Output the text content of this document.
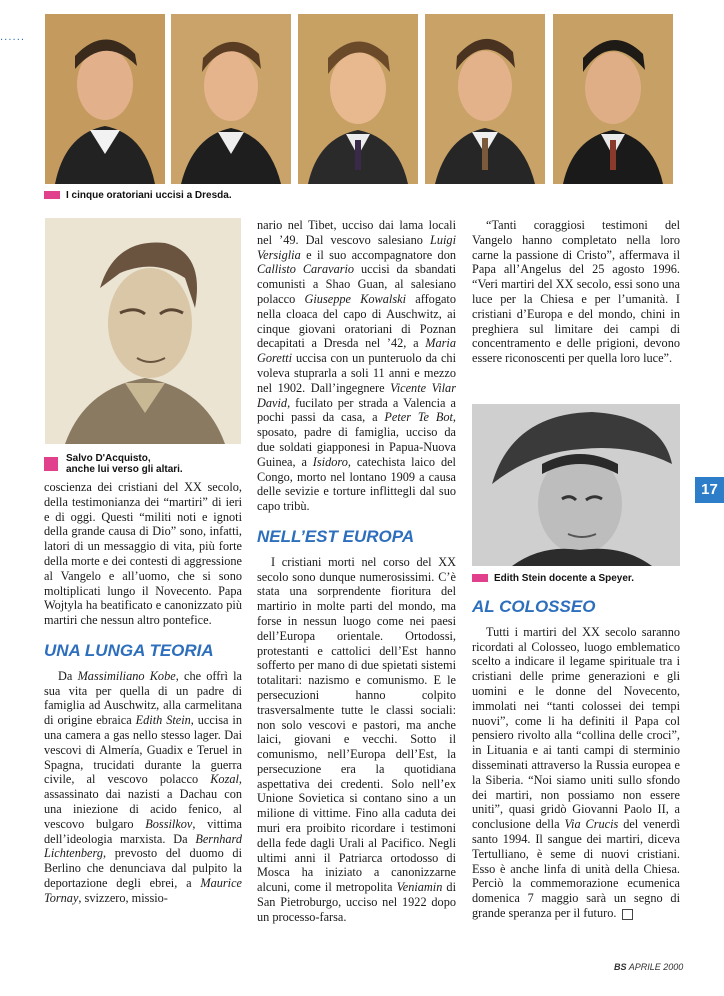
......
I cinque oratoriani uccisi a Dresda.
Salvo D'Acquisto,
anche lui verso gli altari.

coscienza dei cristiani del XX secolo, della testimonianza dei “martiri” di ieri e di oggi. Questi “militi noti e ignoti della grande causa di Dio” sono, infatti, latori di un messaggio di vita, più forte della morte e dei contesti di aggressione al Vangelo e all’uomo, che si sono moltiplicati lungo il Novecento. Papa Wojtyla ha beatificato e canonizzato più martiri che nessun altro pontefice.

UNA LUNGA TEORIA

Da Massimiliano Kobe, che offrì la sua vita per quella di un padre di famiglia ad Auschwitz, alla carmelitana di origine ebraica Edith Stein, uccisa in una camera a gas nello stesso lager. Dai vescovi di Almería, Guadix e Teruel in Spagna, trucidati durante la guerra civile, al vescovo polacco Kozal, assassinato dai nazisti a Dachau con una iniezione di acido fenico, al vescovo bulgaro Bossilkov, vittima dell’ideologia marxista. Da Bernhard Lichtenberg, prevosto del duomo di Berlino che denunciava dal pulpito la deportazione degli ebrei, a Maurice Tornay, svizzero, missio-

nario nel Tibet, ucciso dai lama locali nel ’49. Dal vescovo salesiano Luigi Versiglia e il suo accompagnatore don Callisto Caravario uccisi da sbandati comunisti a Shao Guan, al salesiano polacco Giuseppe Kowalski affogato nella cloaca del capo di Auschwitz, ai cinque giovani oratoriani di Poznan decapitati a Dresda nel ’42, a Maria Goretti uccisa con un punteruolo da chi voleva stuprarla a soli 11 anni e mezzo nel 1902. Dall’ingegnere Vicente Vilar David, fucilato per strada a Valencia a pochi passi da casa, a Peter Te Bot, sposato, padre di famiglia, ucciso da due soldati giapponesi in Papua-Nuova Guinea, a Isidoro, catechista laico del Congo, morto nel lontano 1909 a causa delle sevizie e torture inflittegli dal suo capo tribù.

NELL’EST EUROPA

I cristiani morti nel corso del XX secolo sono dunque numerosissimi. C’è stata una sorprendente fioritura del martirio in molte parti del mondo, ma forse in nessun luogo come nei paesi dell’Europa orientale. Ortodossi, protestanti e cattolici dell’Est hanno sofferto per mano di due spietati sistemi totalitari: nazismo e comunismo. E le persecuzioni hanno colpito trasversalmente tutte le classi sociali: non solo vescovi e pastori, ma anche laici, giovani e vecchi. Sotto il comunismo, nell’Europa dell’Est, la persecuzione era la quotidiana aspettativa dei credenti. Solo nell’ex Unione Sovietica si contano sino a un milione di vittime. Fino alla caduta dei muri era proibito ricordare i testimoni della fede dagli Urali al Pacifico. Negli ultimi anni il Patriarca ortodosso di Mosca ha iniziato a canonizzarne alcuni, come il metropolita Veniamin di San Pietroburgo, ucciso nel 1922 dopo un processo-farsa.

“Tanti coraggiosi testimoni del Vangelo hanno completato nella loro carne la passione di Cristo”, affermava il Papa all’Angelus del 25 agosto 1996. “Veri martiri del XX secolo, essi sono una luce per la Chiesa e per l’umanità. I cristiani d’Europa e del mondo, chini in preghiera sul limitare dei campi di concentramento e delle prigioni, devono essere riconoscenti per quella loro luce”.

Edith Stein docente a Speyer.
AL COLOSSEO

Tutti i martiri del XX secolo saranno ricordati al Colosseo, luogo emblematico scelto a indicare il legame spirituale tra i cristiani delle prime generazioni e gli uomini e le donne del Novecento, immolati nei “tanti colossei dei tempi nuovi”, come li ha definiti il Papa col pensiero rivolto alla “collina delle croci”, in Lituania e ai tanti campi di sterminio disseminati attraverso la Russia europea e la Siberia. “Noi siamo uniti sullo sfondo dei martiri, non possiamo non essere uniti”, quasi gridò Giovanni Paolo II, a conclusione della Via Crucis del venerdì santo 1994. Il sangue dei martiri, diceva Tertulliano, è seme di nuovi cristiani. Esso è anche linfa di unità della Chiesa. Perciò la commemorazione ecumenica domenica 7 maggio sarà un segno di grande speranza per il futuro.

17
BS APRILE 2000
